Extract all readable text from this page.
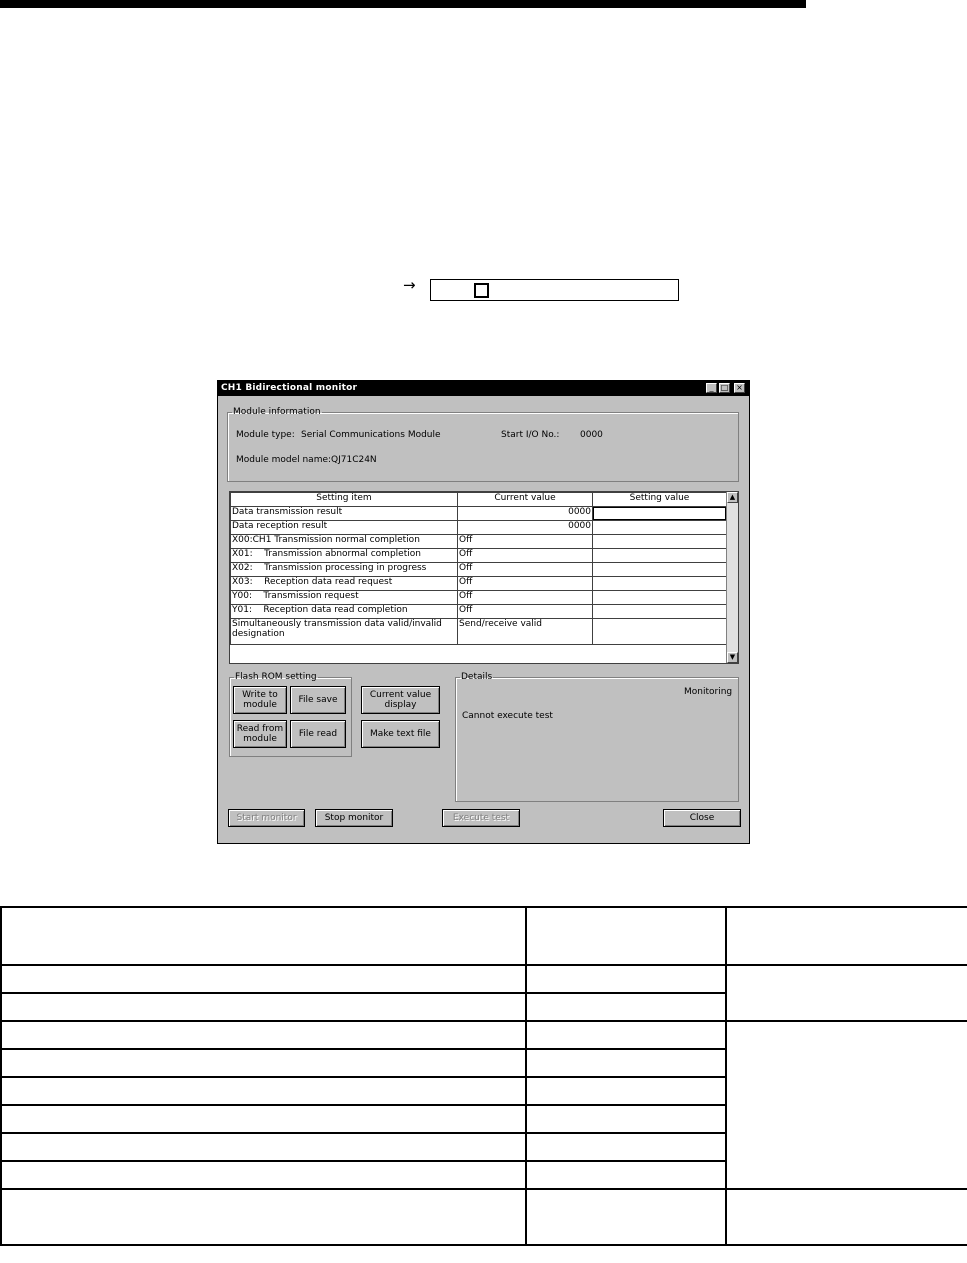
→
CH1 Bidirectional monitor	_ □ ×
Module information
Module type: Serial Communications Module	Start I/O No.: 0000
Module model name: QJ71C24N
Setting item	Current value	Setting value
Data transmission result	0000	
Data reception result	0000	
X00:CH1 Transmission normal completion	Off	
X01:    Transmission abnormal completion	Off	
X02:    Transmission processing in progress	Off	
X03:    Reception data read request	Off	
Y00:    Transmission request	Off	
Y01:    Reception data read completion	Off	
Simultaneously transmission data valid/invalid designation	Send/receive valid	
▲
▼
Flash ROM setting
Write to module	File save
Read from module	File read
Current value display
Make text file
Details
Monitoring
Cannot execute test
Start monitor	Stop monitor	Execute test	Close
